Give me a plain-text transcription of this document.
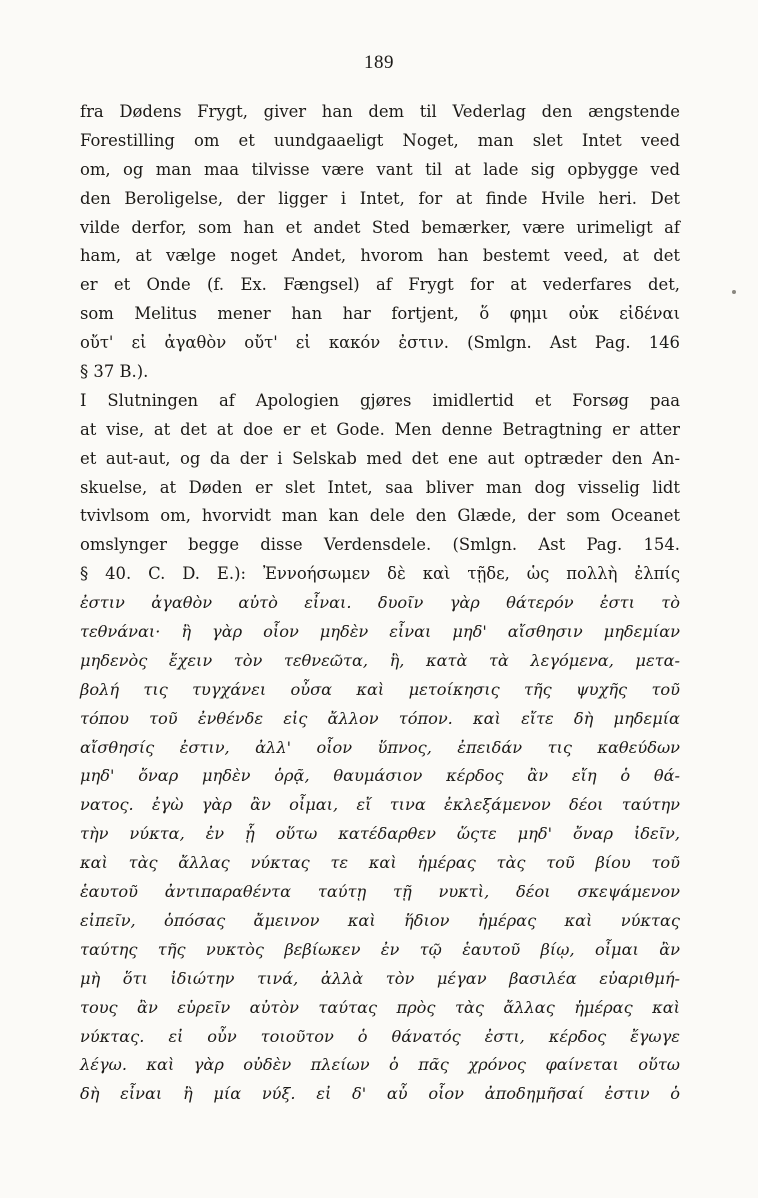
189
fra Dødens Frygt, giver han dem til Vederlag den ængstende
Forestilling om et uundgaaeligt Noget, man slet Intet veed
om, og man maa tilvisse være vant til at lade sig opbygge ved
den Beroligelse, der ligger i Intet, for at finde Hvile heri. Det
vilde derfor, som han et andet Sted bemærker, være urimeligt af
ham, at vælge noget Andet, hvorom han bestemt veed, at det
er et Onde (f. Ex. Fængsel) af Frygt for at vederfares det,
som Melitus mener han har fortjent, ὅ φημι οὐκ εἰδέναι
οὔτ' εἰ ἀγαθὸν οὔτ' εἰ κακόν ἐστιν. (Smlgn. Ast Pag. 146
§ 37 B.).
I Slutningen af Apologien gjøres imidlertid et Forsøg paa
at vise, at det at doe er et Gode. Men denne Betragtning er atter
et aut-aut, og da der i Selskab med det ene aut optræder den An-
skuelse, at Døden er slet Intet, saa bliver man dog visselig lidt
tvivlsom om, hvorvidt man kan dele den Glæde, der som Oceanet
omslynger begge disse Verdensdele. (Smlgn. Ast Pag. 154.
§ 40. C. D. E.): Ἐννοήσωμεν δὲ καὶ τῇδε, ὡς πολλὴ ἐλπίς
ἐστιν ἀγαθὸν αὐτὸ εἶναι. δυοῖν γὰρ θάτερόν ἐστι τὸ
τεθνάναι· ἢ γὰρ οἷον μηδὲν εἶναι μηδ' αἴσθησιν μηδεμίαν
μηδενὸς ἔχειν τὸν τεθνεῶτα, ἢ, κατὰ τὰ λεγόμενα, μετα-
βολή τις τυγχάνει οὖσα καὶ μετοίκησις τῆς ψυχῆς τοῦ
τόπου τοῦ ἐνθένδε εἰς ἄλλον τόπον. καὶ εἴτε δὴ μηδεμία
αἴσθησίς ἐστιν, ἀλλ' οἷον ὕπνος, ἐπειδάν τις καθεύδων
μηδ' ὄναρ μηδὲν ὁρᾷ, θαυμάσιον κέρδος ἂν εἴη ὁ θά-
νατος. ἐγὼ γὰρ ἂν οἶμαι, εἴ τινα ἐκλεξάμενον δέοι ταύτην
τὴν νύκτα, ἐν ᾗ οὕτω κατέδαρθεν ὥςτε μηδ' ὄναρ ἰδεῖν,
καὶ τὰς ἄλλας νύκτας τε καὶ ἡμέρας τὰς τοῦ βίου τοῦ
ἑαυτοῦ ἀντιπαραθέντα ταύτῃ τῇ νυκτὶ, δέοι σκεψάμενον
εἰπεῖν, ὁπόσας ἄμεινον καὶ ἥδιον ἡμέρας καὶ νύκτας
ταύτης τῆς νυκτὸς βεβίωκεν ἐν τῷ ἑαυτοῦ βίῳ, οἶμαι ἂν
μὴ ὅτι ἰδιώτην τινά, ἀλλὰ τὸν μέγαν βασιλέα εὐαριθμή-
τους ἂν εὑρεῖν αὐτὸν ταύτας πρὸς τὰς ἄλλας ἡμέρας καὶ
νύκτας. εἰ οὖν τοιοῦτον ὁ θάνατός ἐστι, κέρδος ἔγωγε
λέγω. καὶ γὰρ οὐδὲν πλείων ὁ πᾶς χρόνος φαίνεται οὕτω
δὴ εἶναι ἢ μία νύξ. εἰ δ' αὖ οἷον ἀποδημῆσαί ἐστιν ὁ
